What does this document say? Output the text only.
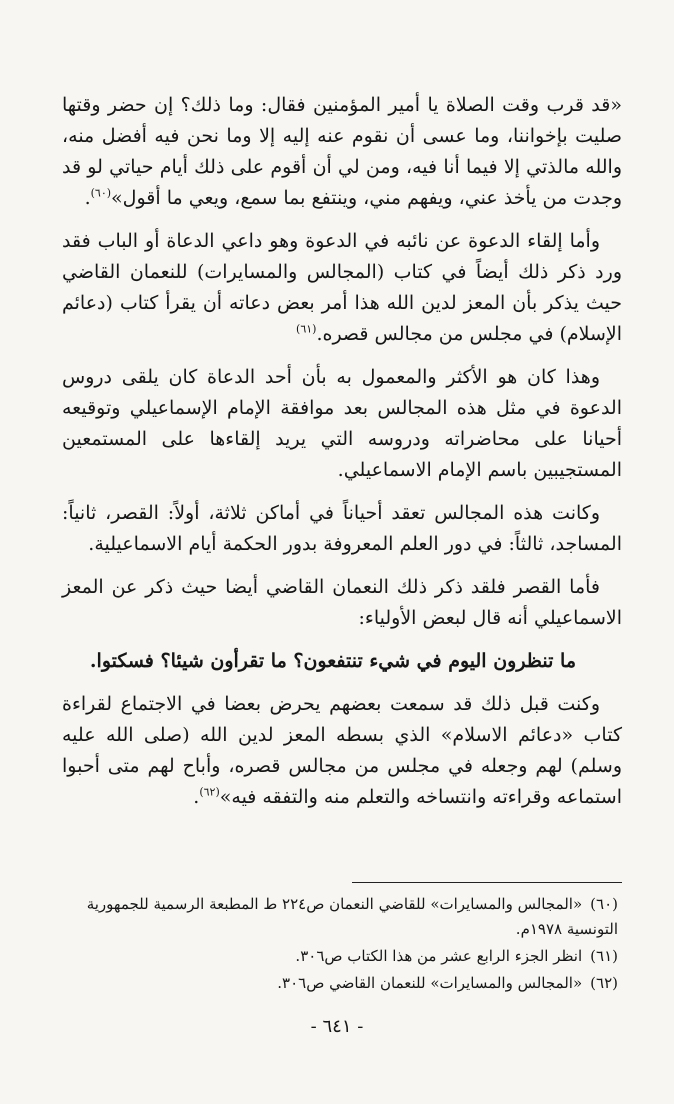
«قد قرب وقت الصلاة يا أمير المؤمنين فقال: وما ذلك؟ إن حضر وقتها صليت بإخواننا، وما عسى أن نقوم عنه إليه إلا وما نحن فيه أفضل منه، والله مالذتي إلا فيما أنا فيه، ومن لي أن أقوم على ذلك أيام حياتي لو قد وجدت من يأخذ عني، ويفهم مني، وينتفع بما سمع، ويعي ما أقول»$^{(٦٠)}$.

وأما إلقاء الدعوة عن نائبه في الدعوة وهو داعي الدعاة أو الباب فقد ورد ذكر ذلك أيضاً في كتاب (المجالس والمسايرات) للنعمان القاضي حيث يذكر بأن المعز لدين الله هذا أمر بعض دعاته أن يقرأ كتاب (دعائم الإسلام) في مجلس من مجالس قصره.$^{(٦١)}$

وهذا كان هو الأكثر والمعمول به بأن أحد الدعاة كان يلقى دروس الدعوة في مثل هذه المجالس بعد موافقة الإمام الإسماعيلي وتوقيعه أحيانا على محاضراته ودروسه التي يريد إلقاءها على المستمعين المستجيبين باسم الإمام الاسماعيلي.

وكانت هذه المجالس تعقد أحياناً في أماكن ثلاثة، أولاً: القصر، ثانياً: المساجد، ثالثاً: في دور العلم المعروفة بدور الحكمة أيام الاسماعيلية.

فأما القصر فلقد ذكر ذلك النعمان القاضي أيضا حيث ذكر عن المعز الاسماعيلي أنه قال لبعض الأولياء:

ما تنظرون اليوم في شيء تنتفعون؟ ما تقرأون شيئا؟ فسكتوا.

وكنت قبل ذلك قد سمعت بعضهم يحرض بعضا في الاجتماع لقراءة كتاب «دعائم الاسلام» الذي بسطه المعز لدين الله (صلى الله عليه وسلم) لهم وجعله في مجلس من مجالس قصره، وأباح لهم متى أحبوا استماعه وقراءته وانتساخه والتعلم منه والتفقه فيه»$^{(٦٢)}$.

(٦٠)«المجالس والمسايرات» للقاضي النعمان ص٢٢٤ ط المطبعة الرسمية للجمهورية التونسية ١٩٧٨م.
(٦١)انظر الجزء الرابع عشر من هذا الكتاب ص٣٠٦.
(٦٢)«المجالس والمسايرات» للنعمان القاضي ص٣٠٦.
- ٦٤١ -
